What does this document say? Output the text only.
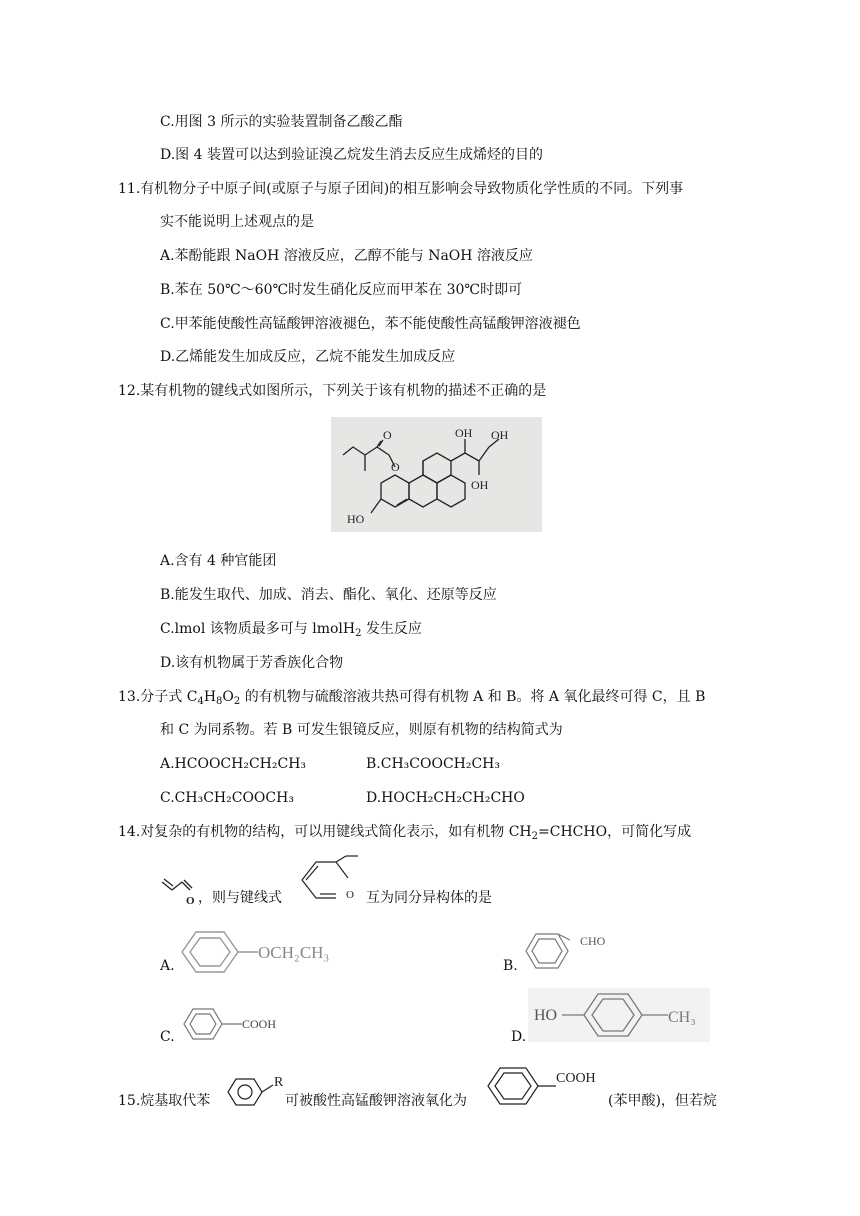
C.用图 3 所示的实验装置制备乙酸乙酯
D.图 4 装置可以达到验证溴乙烷发生消去反应生成烯烃的目的
11.有机物分子中原子间(或原子与原子团间)的相互影响会导致物质化学性质的不同。下列事
实不能说明上述观点的是
A.苯酚能跟 NaOH 溶液反应，乙醇不能与 NaOH 溶液反应
B.苯在 50℃～60℃时发生硝化反应而甲苯在 30℃时即可
C.甲苯能使酸性高锰酸钾溶液褪色，苯不能使酸性高锰酸钾溶液褪色
D.乙烯能发生加成反应，乙烷不能发生加成反应
12.某有机物的键线式如图所示，下列关于该有机物的描述不正确的是
O
O
OH OH
OH
HO
A.含有 4 种官能团
B.能发生取代、加成、消去、酯化、氧化、还原等反应
C.lmol 该物质最多可与 lmolH$_2$ 发生反应
D.该有机物属于芳香族化合物
13.分子式 $C_4H_8O_2$ 的有机物与硫酸溶液共热可得有机物 A 和 B。将 A 氧化最终可得 C，且 B
和 C 为同系物。若 B 可发生银镜反应，则原有机物的结构简式为
A.HCOOCH₂CH₂CH₃	B.CH₃COOCH₂CH₃
C.CH₃CH₂COOCH₃	D.HOCH₂CH₂CH₂CHO
14.对复杂的有机物的结构，可以用键线式简化表示，如有机物 $CH_2=CHCHO$，可简化写成
O ，则与键线式	O 互为同分异构体的是
A.
OCH₂CH₃
B.
CHO
C.
COOH
D.
HO	CH₃
15.烷基取代苯
R
可被酸性高锰酸钾溶液氧化为
COOH
(苯甲酸)，但若烷
